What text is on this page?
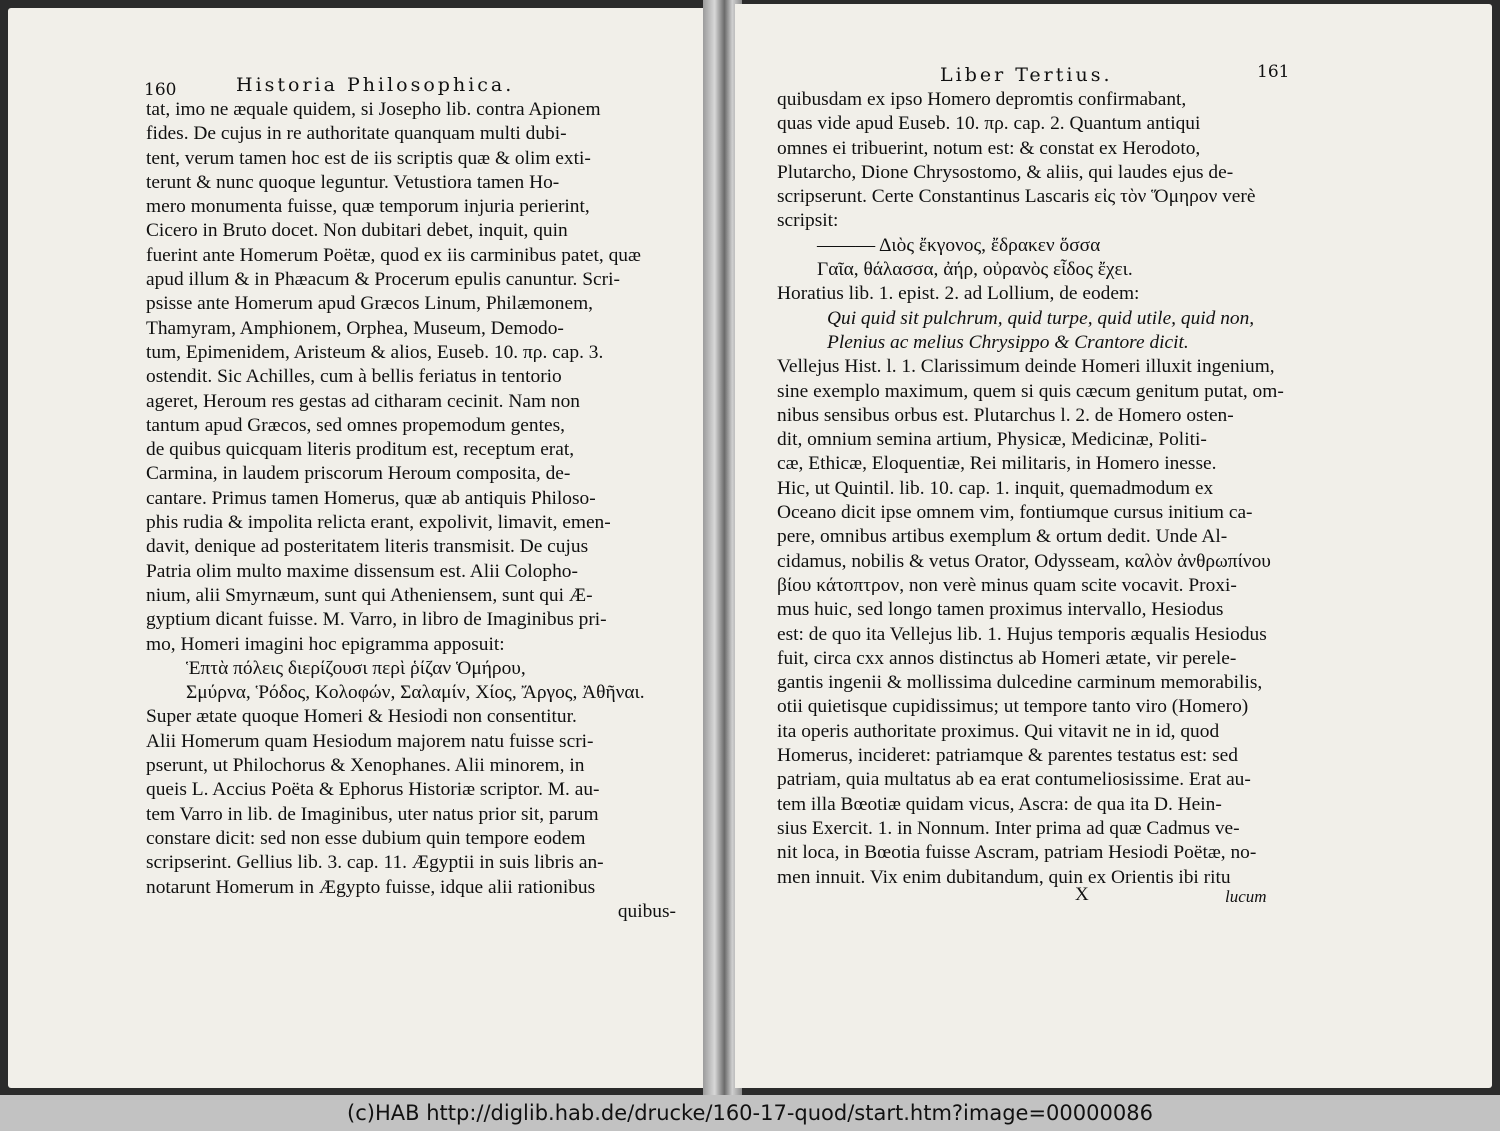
160	Historia Philosophica.
tat, imo ne æquale quidem, si Josepho lib. contra Apionem
fides. De cujus in re authoritate quanquam multi dubi-
tent, verum tamen hoc est de iis scriptis quæ & olim exti-
terunt & nunc quoque leguntur. Vetustiora tamen Ho-
mero monumenta fuisse, quæ temporum injuria perierint,
Cicero in Bruto docet. Non dubitari debet, inquit, quin
fuerint ante Homerum Poëtæ, quod ex iis carminibus patet, quæ
apud illum & in Phæacum & Procerum epulis canuntur. Scri-
psisse ante Homerum apud Græcos Linum, Philæmonem,
Thamyram, Amphionem, Orphea, Museum, Demodo-
tum, Epimenidem, Aristeum & alios, Euseb. 10. πρ. cap. 3.
ostendit. Sic Achilles, cum à bellis feriatus in tentorio
ageret, Heroum res gestas ad citharam cecinit. Nam non
tantum apud Græcos, sed omnes propemodum gentes,
de quibus quicquam literis proditum est, receptum erat,
Carmina, in laudem priscorum Heroum composita, de-
cantare. Primus tamen Homerus, quæ ab antiquis Philoso-
phis rudia & impolita relicta erant, expolivit, limavit, emen-
davit, denique ad posteritatem literis transmisit. De cujus
Patria olim multo maxime dissensum est. Alii Colopho-
nium, alii Smyrnæum, sunt qui Atheniensem, sunt qui Æ-
gyptium dicant fuisse. M. Varro, in libro de Imaginibus pri-
mo, Homeri imagini hoc epigramma apposuit:
Ἑπτὰ πόλεις διερίζουσι περὶ ῥίζαν Ὁμήρου,
Σμύρνα, Ῥόδος, Κολοφών, Σαλαμίν, Χίος, Ἄργος, Ἀθῆναι.
Super ætate quoque Homeri & Hesiodi non consentitur.
Alii Homerum quam Hesiodum majorem natu fuisse scri-
pserunt, ut Philochorus & Xenophanes. Alii minorem, in
queis L. Accius Poëta & Ephorus Historiæ scriptor. M. au-
tem Varro in lib. de Imaginibus, uter natus prior sit, parum
constare dicit: sed non esse dubium quin tempore eodem
scripserint. Gellius lib. 3. cap. 11. Ægyptii in suis libris an-
notarunt Homerum in Ægypto fuisse, idque alii rationibus
quibus-
Liber Tertius.	161
quibusdam ex ipso Homero depromtis confirmabant,
quas vide apud Euseb. 10. πρ. cap. 2. Quantum antiqui
omnes ei tribuerint, notum est: & constat ex Herodoto,
Plutarcho, Dione Chrysostomo, & aliis, qui laudes ejus de-
scripserunt. Certe Constantinus Lascaris εἰς τὸν Ὅμηρον verè
scripsit:
——— Διὸς ἔκγονος, ἔδρακεν ὅσσα
Γαῖα, θάλασσα, ἀήρ, οὐρανὸς εἶδος ἔχει.
Horatius lib. 1. epist. 2. ad Lollium, de eodem:
Qui quid sit pulchrum, quid turpe, quid utile, quid non,
Plenius ac melius Chrysippo & Crantore dicit.
Vellejus Hist. l. 1. Clarissimum deinde Homeri illuxit ingenium,
sine exemplo maximum, quem si quis cæcum genitum putat, om-
nibus sensibus orbus est. Plutarchus l. 2. de Homero osten-
dit, omnium semina artium, Physicæ, Medicinæ, Politi-
cæ, Ethicæ, Eloquentiæ, Rei militaris, in Homero inesse.
Hic, ut Quintil. lib. 10. cap. 1. inquit, quemadmodum ex
Oceano dicit ipse omnem vim, fontiumque cursus initium ca-
pere, omnibus artibus exemplum & ortum dedit. Unde Al-
cidamus, nobilis & vetus Orator, Odysseam, καλὸν ἀνθρωπίνου
βίου κάτοπτρον, non verè minus quam scite vocavit. Proxi-
mus huic, sed longo tamen proximus intervallo, Hesiodus
est: de quo ita Vellejus lib. 1. Hujus temporis æqualis Hesiodus
fuit, circa cxx annos distinctus ab Homeri ætate, vir perele-
gantis ingenii & mollissima dulcedine carminum memorabilis,
otii quietisque cupidissimus; ut tempore tanto viro (Homero)
ita operis authoritate proximus. Qui vitavit ne in id, quod
Homerus, incideret: patriamque & parentes testatus est: sed
patriam, quia multatus ab ea erat contumeliosissime. Erat au-
tem illa Bœotiæ quidam vicus, Ascra: de qua ita D. Hein-
sius Exercit. 1. in Nonnum. Inter prima ad quæ Cadmus ve-
nit loca, in Bœotia fuisse Ascram, patriam Hesiodi Poëtæ, no-
men innuit. Vix enim dubitandum, quin ex Orientis ibi ritu
X	lucum
(c)HAB http://diglib.hab.de/drucke/160-17-quod/start.htm?image=00000086
